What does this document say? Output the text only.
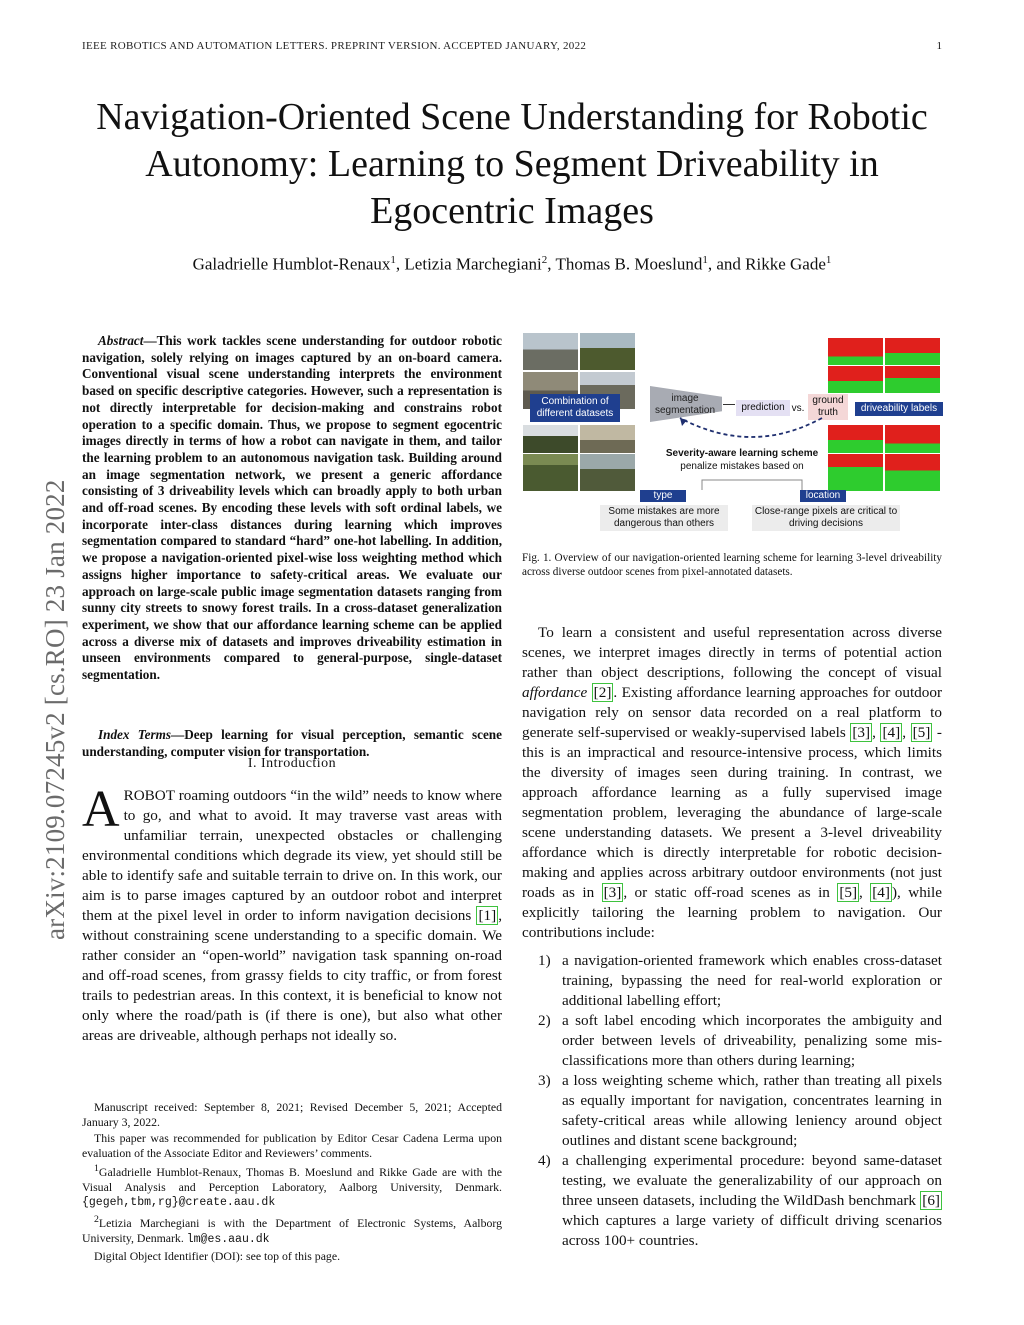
IEEE ROBOTICS AND AUTOMATION LETTERS. PREPRINT VERSION. ACCEPTED JANUARY, 2022	1
arXiv:2109.07245v2 [cs.RO] 23 Jan 2022
Navigation-Oriented Scene Understanding for Robotic Autonomy: Learning to Segment Driveability in Egocentric Images
Galadrielle Humblot-Renaux$^1$, Letizia Marchegiani$^2$, Thomas B. Moeslund$^1$, and Rikke Gade$^1$
Abstract—This work tackles scene understanding for outdoor robotic navigation, solely relying on images captured by an on-board camera. Conventional visual scene understanding interprets the environment based on specific descriptive categories. However, such a representation is not directly interpretable for decision-making and constrains robot operation to a specific domain. Thus, we propose to segment egocentric images directly in terms of how a robot can navigate in them, and tailor the learning problem to an autonomous navigation task. Building around an image segmentation network, we present a generic affordance consisting of 3 driveability levels which can broadly apply to both urban and off-road scenes. By encoding these levels with soft ordinal labels, we incorporate inter-class distances during learning which improves segmentation compared to standard “hard” one-hot labelling. In addition, we propose a navigation-oriented pixel-wise loss weighting method which assigns higher importance to safety-critical areas. We evaluate our approach on large-scale public image segmentation datasets ranging from sunny city streets to snowy forest trails. In a cross-dataset generalization experiment, we show that our affordance learning scheme can be applied across a diverse mix of datasets and improves driveability estimation in unseen environments compared to general-purpose, single-dataset segmentation.
Index Terms—Deep learning for visual perception, semantic scene understanding, computer vision for transportation.
I. Introduction
AROBOT roaming outdoors “in the wild” needs to know where to go, and what to avoid. It may traverse vast areas with unfamiliar terrain, unexpected obstacles or challenging environmental conditions which degrade its view, yet should still be able to identify safe and suitable terrain to drive on. In this work, our aim is to parse images captured by an outdoor robot and interpret them at the pixel level in order to inform navigation decisions [1] , without constraining scene understanding to a specific domain. We rather consider an “open-world” navigation task spanning on-road and off-road scenes, from grassy fields to city traffic, or from forest trails to pedestrian areas. In this context, it is beneficial to know not only where the road/path is (if there is one), but also what other areas are driveable, although perhaps not ideally so.

Manuscript received: September 8, 2021; Revised December 5, 2021; Accepted January 3, 2022.

This paper was recommended for publication by Editor Cesar Cadena Lerma upon evaluation of the Associate Editor and Reviewers’ comments.

$^1$Galadrielle Humblot-Renaux, Thomas B. Moeslund and Rikke Gade are with the Visual Analysis and Perception Laboratory, Aalborg University, Denmark. {gegeh,tbm,rg}@create.aau.dk

$^2$Letizia Marchegiani is with the Department of Electronic Systems, Aalborg University, Denmark. lm@es.aau.dk

Digital Object Identifier (DOI): see top of this page.

Combination of different datasets
image segmentation	prediction vs.
ground truth	driveability labels
Severity-aware learning scheme
penalize mistakes based on
type
Some mistakes are more dangerous than others
location
Close-range pixels are critical to driving decisions
Fig. 1. Overview of our navigation-oriented learning scheme for learning 3-level driveability across diverse outdoor scenes from pixel-annotated datasets.

To learn a consistent and useful representation across diverse scenes, we interpret images directly in terms of potential action rather than object descriptions, following the concept of visual affordance [2] . Existing affordance learning approaches for outdoor navigation rely on sensor data recorded on a real platform to generate self-supervised or weakly-supervised labels [3] , [4] , [5] - this is an impractical and resource-intensive process, which limits the diversity of images seen during training. In contrast, we approach affordance learning as a fully supervised image segmentation problem, leveraging the abundance of large-scale scene understanding datasets. We present a 3-level driveability affordance which is directly interpretable for robotic decision-making and applies across arbitrary outdoor environments (not just roads as in [3] , or static off-road scenes as in [5] , [4] ), while explicitly tailoring the learning problem to navigation. Our contributions include:

1) a navigation-oriented framework which enables cross-dataset training, bypassing the need for real-world exploration or additional labelling effort;
2) a soft label encoding which incorporates the ambiguity and order between levels of driveability, penalizing some mis-classifications more than others during learning;
3) a loss weighting scheme which, rather than treating all pixels as equally important for navigation, concentrates learning in safety-critical areas while allowing leniency around object outlines and distant scene background;
4) a challenging experimental procedure: beyond same-dataset testing, we evaluate the generalizability of our approach on three unseen datasets, including the WildDash benchmark [6] which captures a large variety of difficult driving scenarios across 100+ countries.
